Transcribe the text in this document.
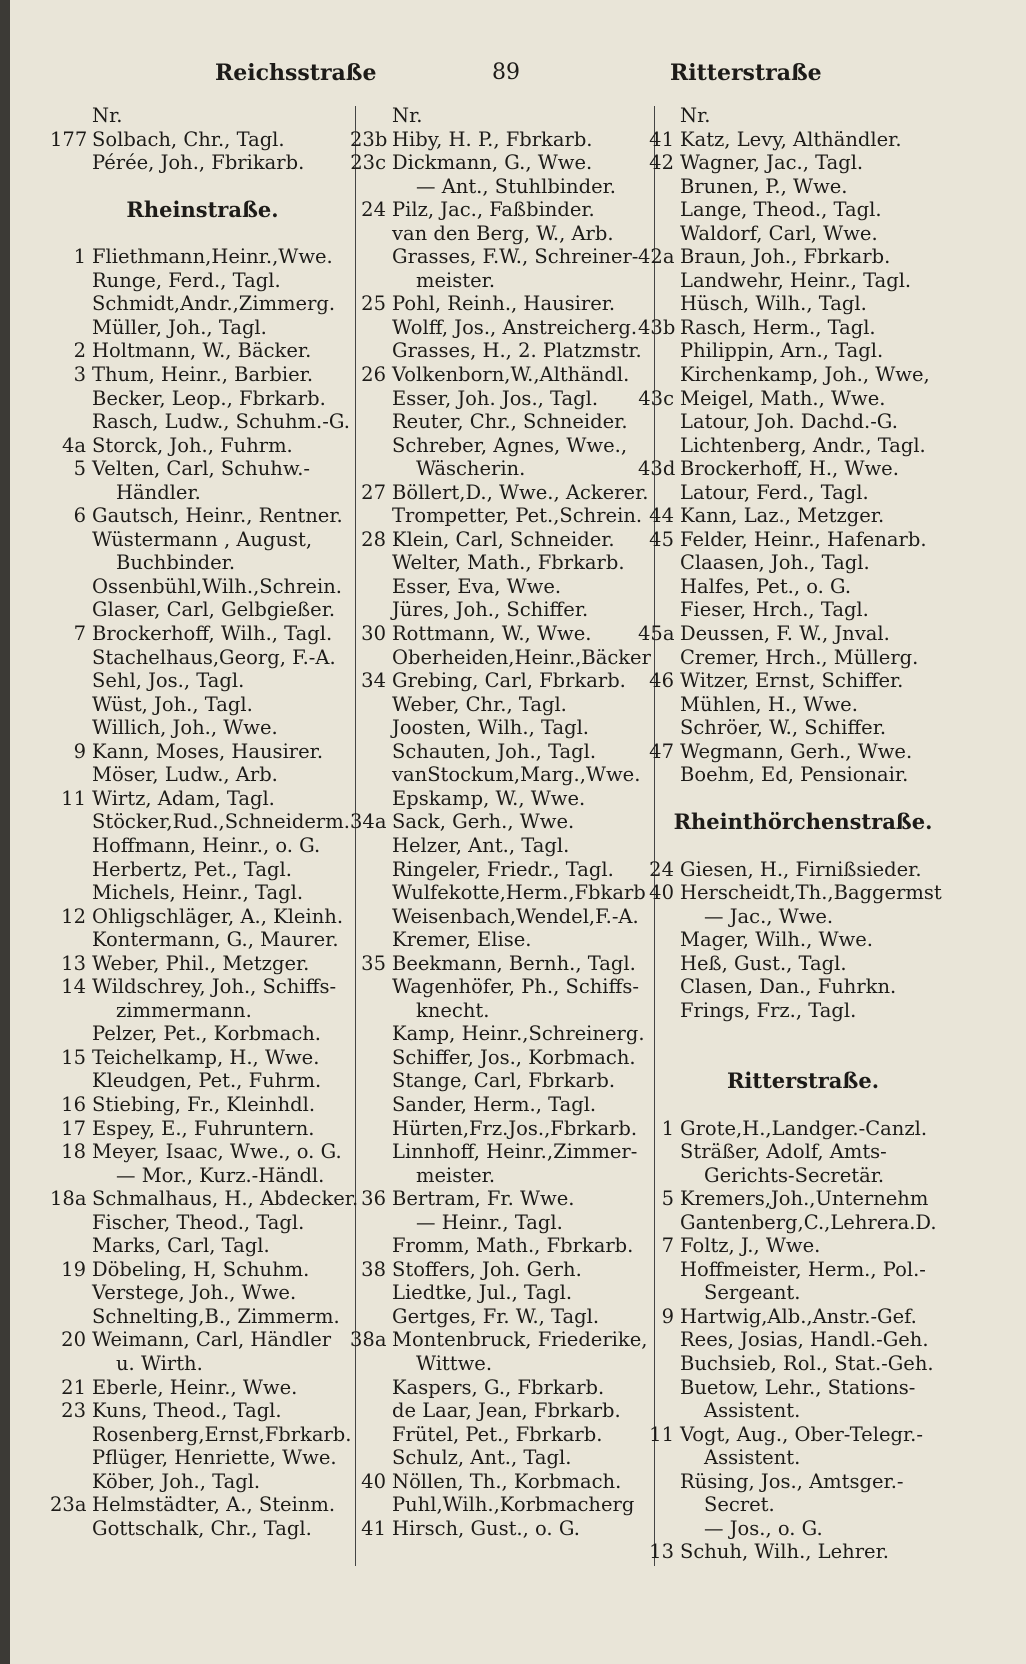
Reichsstraße	89	Ritterstraße
Nr.
177 Solbach, Chr., Tagl.
Pérée, Joh., Fbrikarb.
Rheinstraße.
1 Fliethmann,Heinr.,Wwe.
Runge, Ferd., Tagl.
Schmidt,Andr.,Zimmerg.
Müller, Joh., Tagl.
2 Holtmann, W., Bäcker.
3 Thum, Heinr., Barbier.
Becker, Leop., Fbrkarb.
Rasch, Ludw., Schuhm.-G.
4a Storck, Joh., Fuhrm.
5 Velten, Carl, Schuhw.-
Händler.
6 Gautsch, Heinr., Rentner.
Wüstermann , August,
Buchbinder.
Ossenbühl,Wilh.,Schrein.
Glaser, Carl, Gelbgießer.
7 Brockerhoff, Wilh., Tagl.
Stachelhaus,Georg, F.-A.
Sehl, Jos., Tagl.
Wüst, Joh., Tagl.
Willich, Joh., Wwe.
9 Kann, Moses, Hausirer.
Möser, Ludw., Arb.
11 Wirtz, Adam, Tagl.
Stöcker,Rud.,Schneiderm.
Hoffmann, Heinr., o. G.
Herbertz, Pet., Tagl.
Michels, Heinr., Tagl.
12 Ohligschläger, A., Kleinh.
Kontermann, G., Maurer.
13 Weber, Phil., Metzger.
14 Wildschrey, Joh., Schiffs-
zimmermann.
Pelzer, Pet., Korbmach.
15 Teichelkamp, H., Wwe.
Kleudgen, Pet., Fuhrm.
16 Stiebing, Fr., Kleinhdl.
17 Espey, E., Fuhruntern.
18 Meyer, Isaac, Wwe., o. G.
— Mor., Kurz.-Händl.
18a Schmalhaus, H., Abdecker.
Fischer, Theod., Tagl.
Marks, Carl, Tagl.
19 Döbeling, H, Schuhm.
Verstege, Joh., Wwe.
Schnelting,B., Zimmerm.
20 Weimann, Carl, Händler
u. Wirth.
21 Eberle, Heinr., Wwe.
23 Kuns, Theod., Tagl.
Rosenberg,Ernst,Fbrkarb.
Pflüger, Henriette, Wwe.
Köber, Joh., Tagl.
23a Helmstädter, A., Steinm.
Gottschalk, Chr., Tagl.
Nr.
23b Hiby, H. P., Fbrkarb.
23c Dickmann, G., Wwe.
— Ant., Stuhlbinder.
24 Pilz, Jac., Faßbinder.
van den Berg, W., Arb.
Grasses, F.W., Schreiner-
meister.
25 Pohl, Reinh., Hausirer.
Wolff, Jos., Anstreicherg.
Grasses, H., 2. Platzmstr.
26 Volkenborn,W.,Althändl.
Esser, Joh. Jos., Tagl.
Reuter, Chr., Schneider.
Schreber, Agnes, Wwe.,
Wäscherin.
27 Böllert,D., Wwe., Ackerer.
Trompetter, Pet.,Schrein.
28 Klein, Carl, Schneider.
Welter, Math., Fbrkarb.
Esser, Eva, Wwe.
Jüres, Joh., Schiffer.
30 Rottmann, W., Wwe.
Oberheiden,Heinr.,Bäcker
34 Grebing, Carl, Fbrkarb.
Weber, Chr., Tagl.
Joosten, Wilh., Tagl.
Schauten, Joh., Tagl.
vanStockum,Marg.,Wwe.
Epskamp, W., Wwe.
34a Sack, Gerh., Wwe.
Helzer, Ant., Tagl.
Ringeler, Friedr., Tagl.
Wulfekotte,Herm.,Fbkarb
Weisenbach,Wendel,F.-A.
Kremer, Elise.
35 Beekmann, Bernh., Tagl.
Wagenhöfer, Ph., Schiffs-
knecht.
Kamp, Heinr.,Schreinerg.
Schiffer, Jos., Korbmach.
Stange, Carl, Fbrkarb.
Sander, Herm., Tagl.
Hürten,Frz.Jos.,Fbrkarb.
Linnhoff, Heinr.,Zimmer-
meister.
36 Bertram, Fr. Wwe.
— Heinr., Tagl.
Fromm, Math., Fbrkarb.
38 Stoffers, Joh. Gerh.
Liedtke, Jul., Tagl.
Gertges, Fr. W., Tagl.
38a Montenbruck, Friederike,
Wittwe.
Kaspers, G., Fbrkarb.
de Laar, Jean, Fbrkarb.
Frütel, Pet., Fbrkarb.
Schulz, Ant., Tagl.
40 Nöllen, Th., Korbmach.
Puhl,Wilh.,Korbmacherg
41 Hirsch, Gust., o. G.
Nr.
41 Katz, Levy, Althändler.
42 Wagner, Jac., Tagl.
Brunen, P., Wwe.
Lange, Theod., Tagl.
Waldorf, Carl, Wwe.
42a Braun, Joh., Fbrkarb.
Landwehr, Heinr., Tagl.
Hüsch, Wilh., Tagl.
43b Rasch, Herm., Tagl.
Philippin, Arn., Tagl.
Kirchenkamp, Joh., Wwe,
43c Meigel, Math., Wwe.
Latour, Joh. Dachd.-G.
Lichtenberg, Andr., Tagl.
43d Brockerhoff, H., Wwe.
Latour, Ferd., Tagl.
44 Kann, Laz., Metzger.
45 Felder, Heinr., Hafenarb.
Claasen, Joh., Tagl.
Halfes, Pet., o. G.
Fieser, Hrch., Tagl.
45a Deussen, F. W., Jnval.
Cremer, Hrch., Müllerg.
46 Witzer, Ernst, Schiffer.
Mühlen, H., Wwe.
Schröer, W., Schiffer.
47 Wegmann, Gerh., Wwe.
Boehm, Ed, Pensionair.
Rheinthörchenstraße.
24 Giesen, H., Firnißsieder.
40 Herscheidt,Th.,Baggermst
— Jac., Wwe.
Mager, Wilh., Wwe.
Heß, Gust., Tagl.
Clasen, Dan., Fuhrkn.
Frings, Frz., Tagl.
Ritterstraße.
1 Grote,H.,Landger.-Canzl.
Sträßer, Adolf, Amts-
Gerichts-Secretär.
5 Kremers,Joh.,Unternehm
Gantenberg,C.,Lehrera.D.
7 Foltz, J., Wwe.
Hoffmeister, Herm., Pol.-
Sergeant.
9 Hartwig,Alb.,Anstr.-Gef.
Rees, Josias, Handl.-Geh.
Buchsieb, Rol., Stat.-Geh.
Buetow, Lehr., Stations-
Assistent.
11 Vogt, Aug., Ober-Telegr.-
Assistent.
Rüsing, Jos., Amtsger.-
Secret.
— Jos., o. G.
13 Schuh, Wilh., Lehrer.
